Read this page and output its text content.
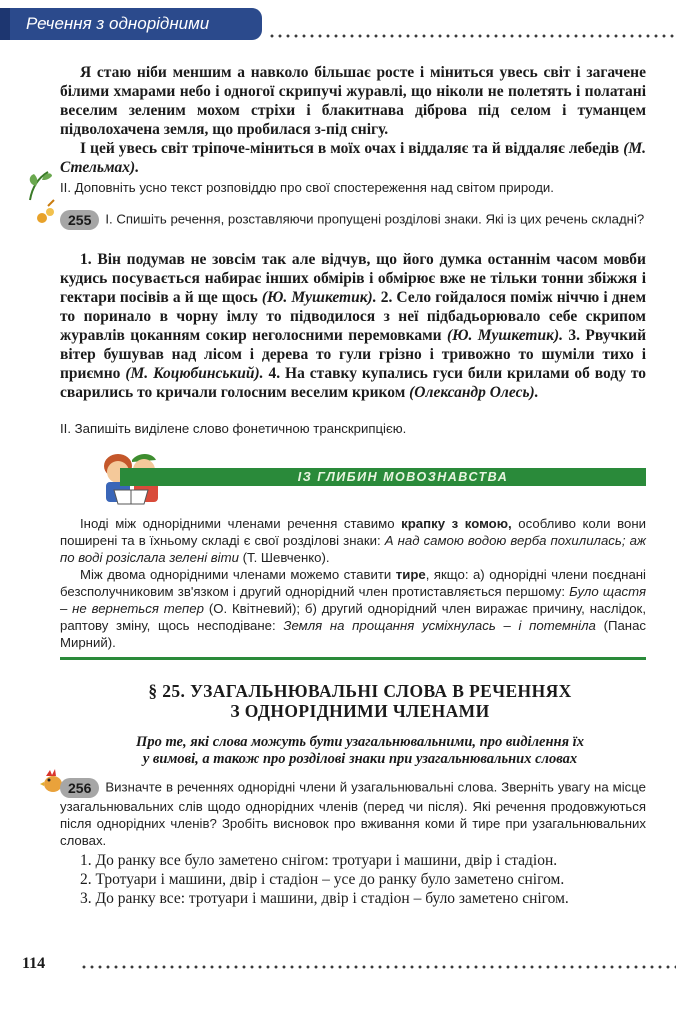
Речення з однорідними членами

Я стаю ніби меншим а навколо більшає росте і міниться увесь світ і загачене білими хмарами небо і одногої скрипучі журавлі, що ніколи не полетять і полатані веселим зеленим мохом стріхи і блакитнава діброва під селом і туманцем підволохачена земля, що пробилася з-під снігу.

І цей увесь світ тріпоче-міниться в моїх очах і віддаляє та й віддаляє лебедів (М. Стельмах).

ІІ. Доповніть усно текст розповіддю про свої спостереження над світом природи.
255 І. Спишіть речення, розставляючи пропущені розділові знаки. Які із цих речень складні?

1. Він подумав не зовсім так але відчув, що його думка останнім часом мовби кудись посувається набирає інших обмірів і обмірює вже не тільки тонни збіжжя і гектари посівів а й ще щось (Ю. Мушкетик). 2. Село гойдалося поміж ніччю і днем то поринало в чорну імлу то підводилося з неї підбадьорювало себе скрипом журавлів цоканням сокир неголосними перемовками (Ю. Мушкетик). 3. Рвучкий вітер бушував над лісом і дерева то гули грізно і тривожно то шуміли тихо і приємно (М. Коцюбинський). 4. На ставку купались гуси били крилами об воду то сварились то кричали голосним веселим криком (Олександр Олесь).

ІІ. Запишіть виділене слово фонетичною транскрипцією.
ІЗ ГЛИБИН МОВОЗНАВСТВА

Іноді між однорідними членами речення ставимо крапку з комою, особливо коли вони поширені та в їхньому складі є свої розділові знаки: А над самою водою верба похилилась; аж по воді розіслала зелені віти (Т. Шевченко).

Між двома однорідними членами можемо ставити тире, якщо: а) однорідні члени поєднані безсполучниковим зв'язком і другий однорідний член протиставляється першому: Було щастя – не вернеться тепер (О. Квітневий); б) другий однорідний член виражає причину, наслідок, раптову зміну, щось несподіване: Земля на прощання усміхнулась – і потемніла (Панас Мирний).

§ 25. УЗАГАЛЬНЮВАЛЬНІ СЛОВА В РЕЧЕННЯХ
З ОДНОРІДНИМИ ЧЛЕНАМИ
Про те, які слова можуть бути узагальнювальними, про виділення їх
у вимові, а також про розділові знаки при узагальнювальних словах
256 Визначте в реченнях однорідні члени й узагальнювальні слова. Зверніть увагу на місце узагальнювальних слів щодо однорідних членів (перед чи після). Які речення продовжуються після однорідних членів? Зробіть висновок про вживання коми й тире при узагальнювальних словах.

1. До ранку все було заметено снігом: тротуари і машини, двір і стадіон.

2. Тротуари і машини, двір і стадіон – усе до ранку було заметено снігом.

3. До ранку все: тротуари і машини, двір і стадіон – було заметено снігом.

114
